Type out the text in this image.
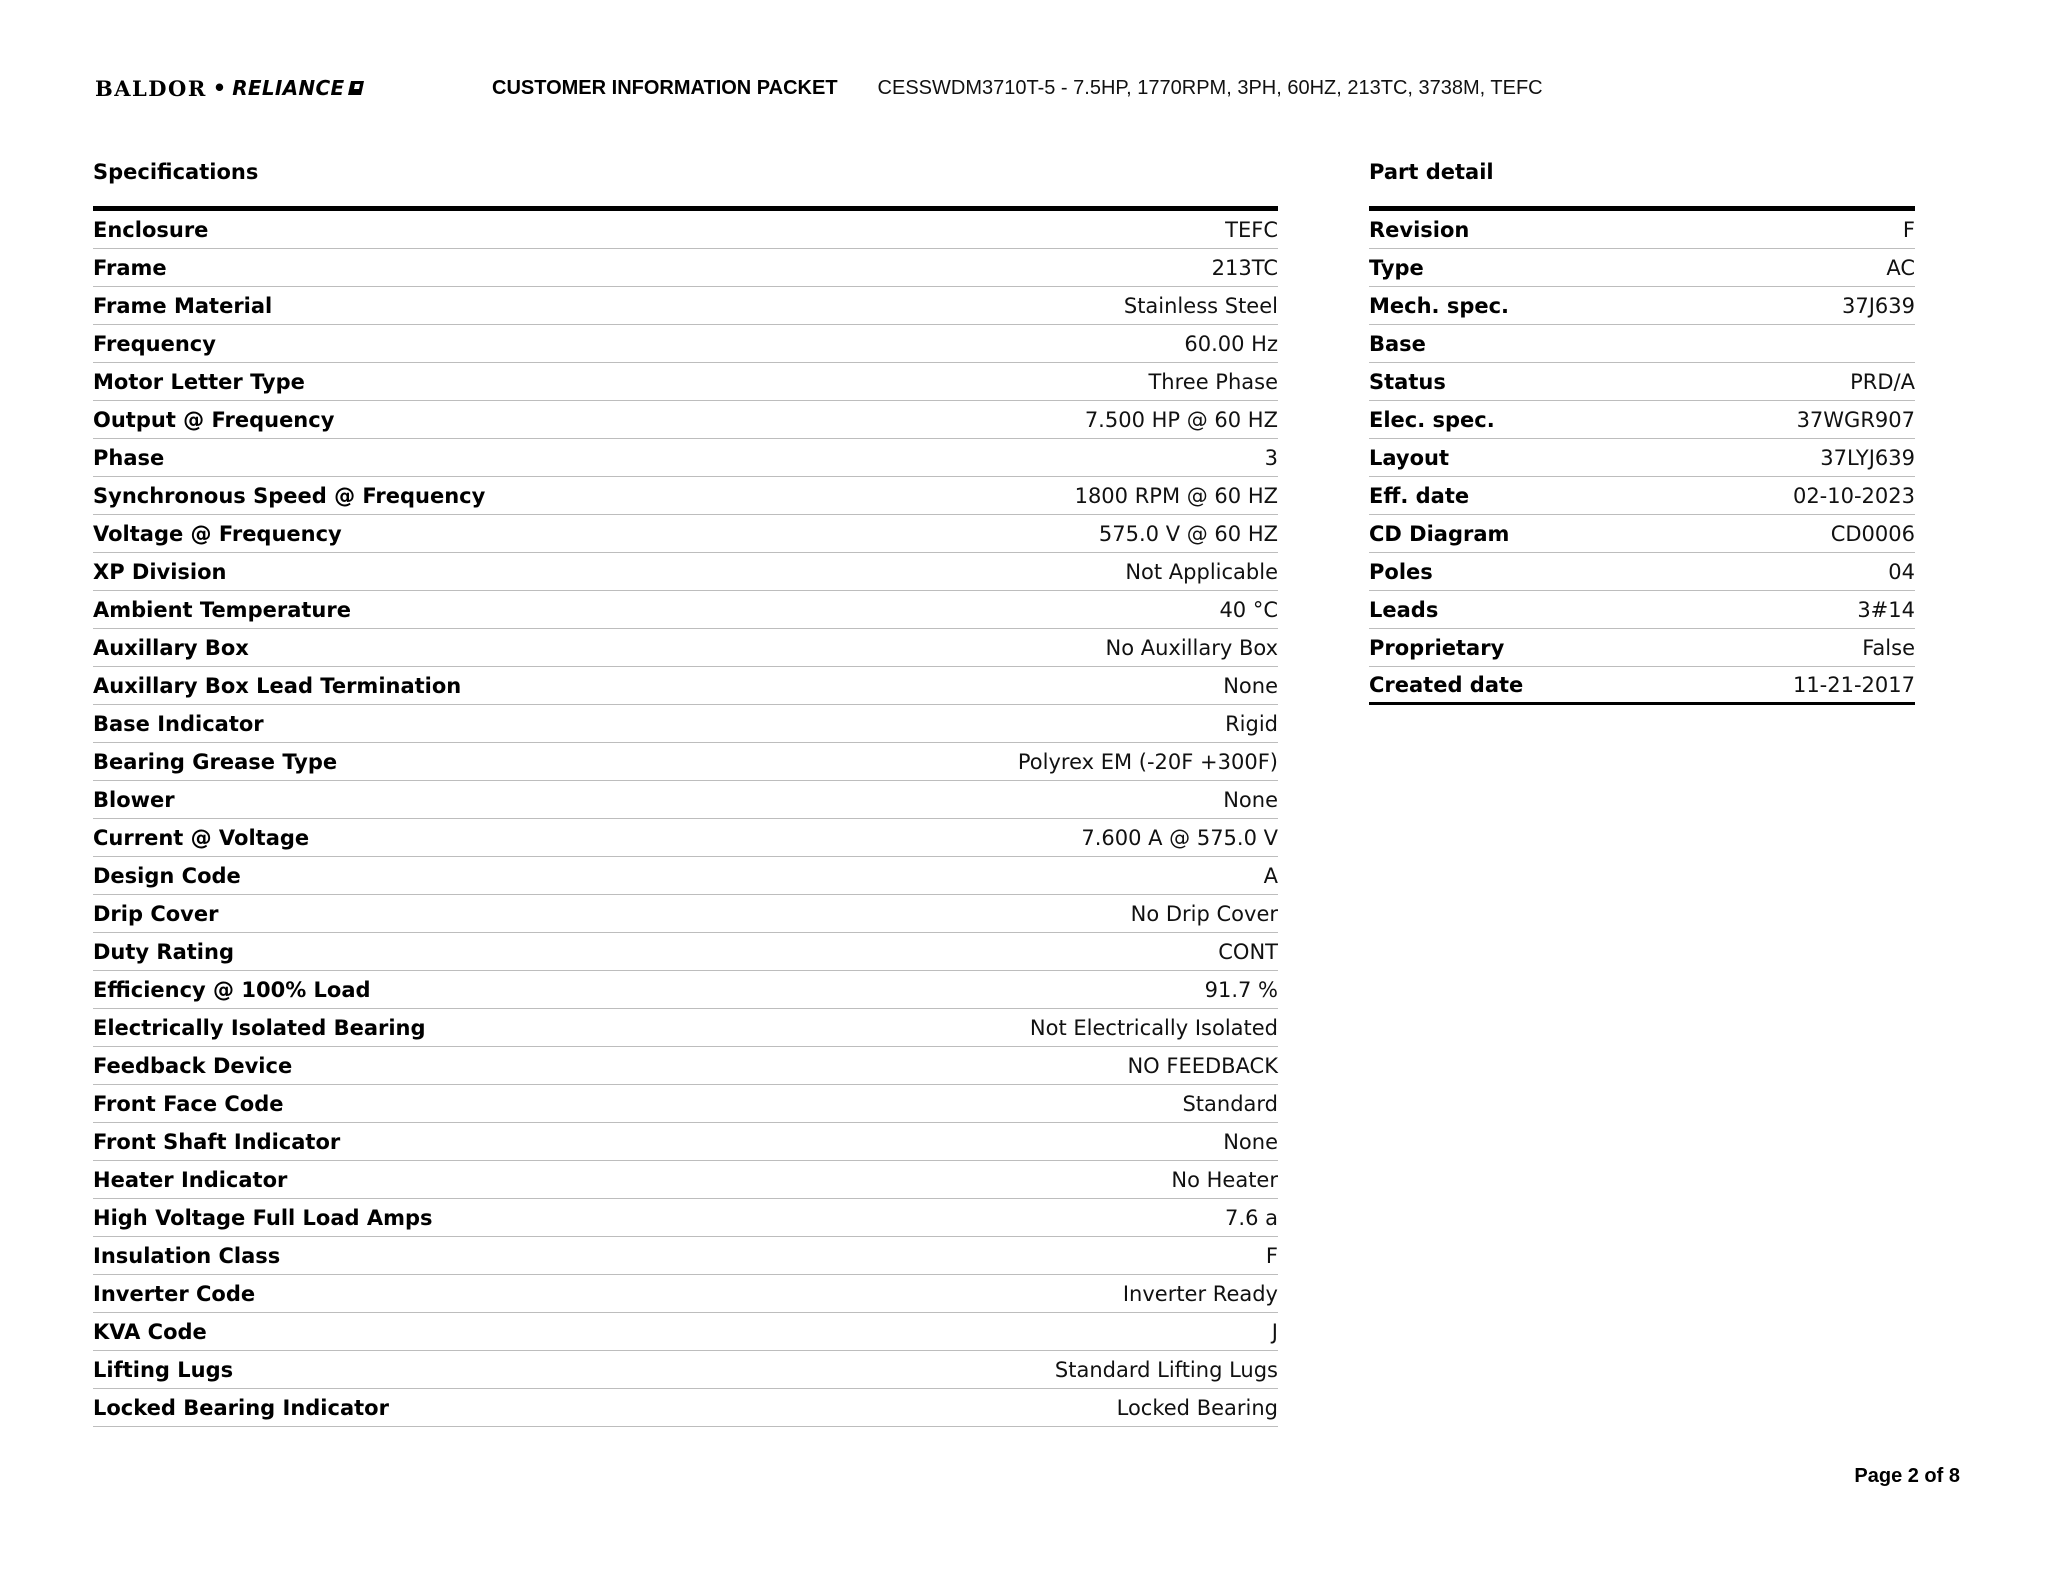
BALDOR • RELIANCE	CUSTOMER INFORMATION PACKET CESSWDM3710T-5 - 7.5HP, 1770RPM, 3PH, 60HZ, 213TC, 3738M, TEFC
Specifications
Enclosure	TEFC
Frame	213TC
Frame Material	Stainless Steel
Frequency	60.00 Hz
Motor Letter Type	Three Phase
Output @ Frequency	7.500 HP @ 60 HZ
Phase	3
Synchronous Speed @ Frequency	1800 RPM @ 60 HZ
Voltage @ Frequency	575.0 V @ 60 HZ
XP Division	Not Applicable
Ambient Temperature	40 °C
Auxillary Box	No Auxillary Box
Auxillary Box Lead Termination	None
Base Indicator	Rigid
Bearing Grease Type	Polyrex EM (-20F +300F)
Blower	None
Current @ Voltage	7.600 A @ 575.0 V
Design Code	A
Drip Cover	No Drip Cover
Duty Rating	CONT
Efficiency @ 100% Load	91.7 %
Electrically Isolated Bearing	Not Electrically Isolated
Feedback Device	NO FEEDBACK
Front Face Code	Standard
Front Shaft Indicator	None
Heater Indicator	No Heater
High Voltage Full Load Amps	7.6 a
Insulation Class	F
Inverter Code	Inverter Ready
KVA Code	J
Lifting Lugs	Standard Lifting Lugs
Locked Bearing Indicator	Locked Bearing
Part detail
Revision	F
Type	AC
Mech. spec.	37J639
Base
Status	PRD/A
Elec. spec.	37WGR907
Layout	37LYJ639
Eff. date	02-10-2023
CD Diagram	CD0006
Poles	04
Leads	3#14
Proprietary	False
Created date	11-21-2017
Page 2 of 8
